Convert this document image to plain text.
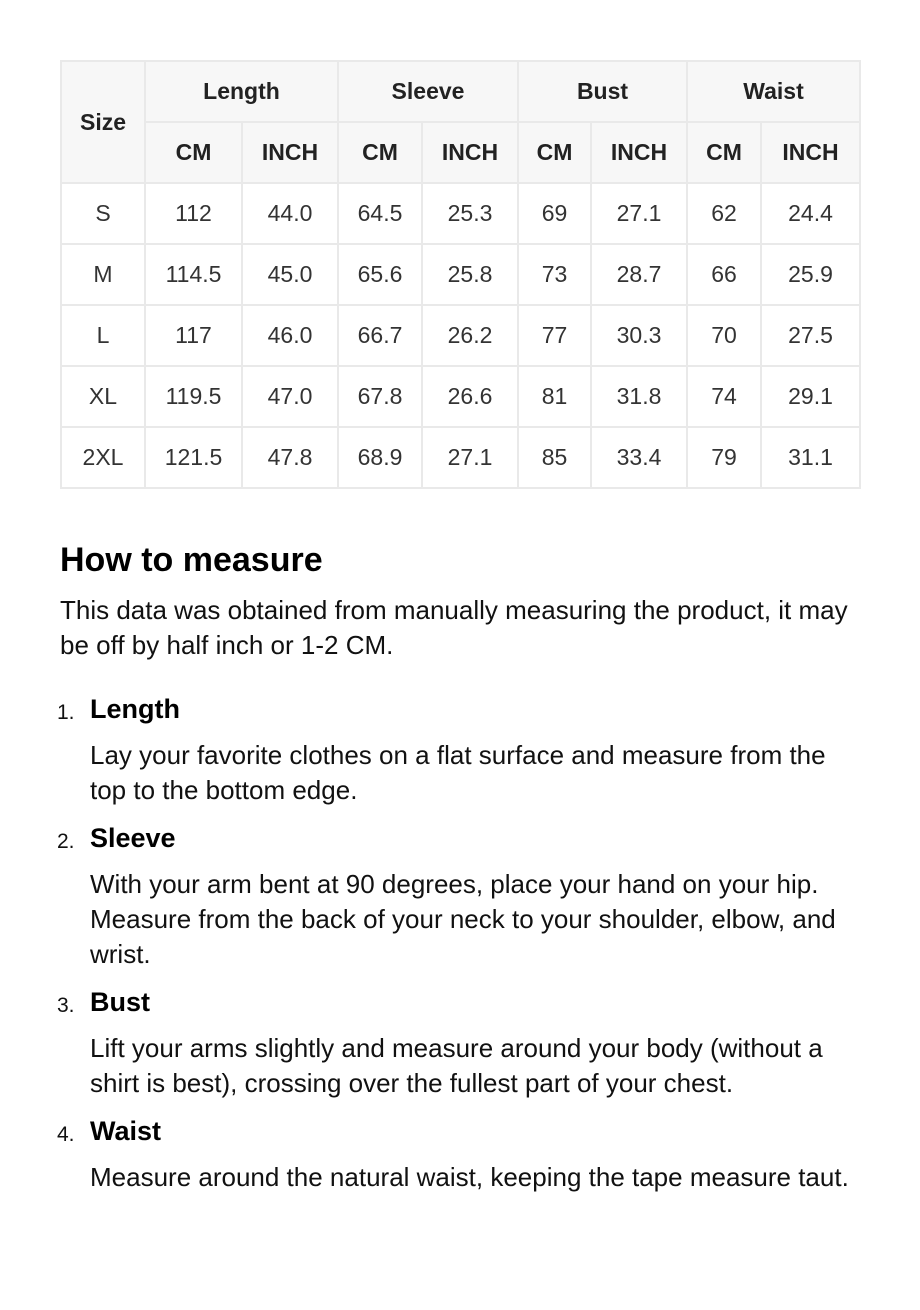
Size	Length		Sleeve		Bust		Waist	
	CM	INCH	CM	INCH	CM	INCH	CM	INCH
S	112	44.0	64.5	25.3	69	27.1	62	24.4
M	114.5	45.0	65.6	25.8	73	28.7	66	25.9
L	117	46.0	66.7	26.2	77	30.3	70	27.5
XL	119.5	47.0	67.8	26.6	81	31.8	74	29.1
2XL	121.5	47.8	68.9	27.1	85	33.4	79	31.1
How to measure

This data was obtained from manually measuring the product, it may be off by half inch or 1-2 CM.

1. Length
Lay your favorite clothes on a flat surface and measure from the top to the bottom edge.
2. Sleeve
With your arm bent at 90 degrees, place your hand on your hip. Measure from the back of your neck to your shoulder, elbow, and wrist.
3. Bust
Lift your arms slightly and measure around your body (without a shirt is best), crossing over the fullest part of your chest.
4. Waist
Measure around the natural waist, keeping the tape measure taut.
